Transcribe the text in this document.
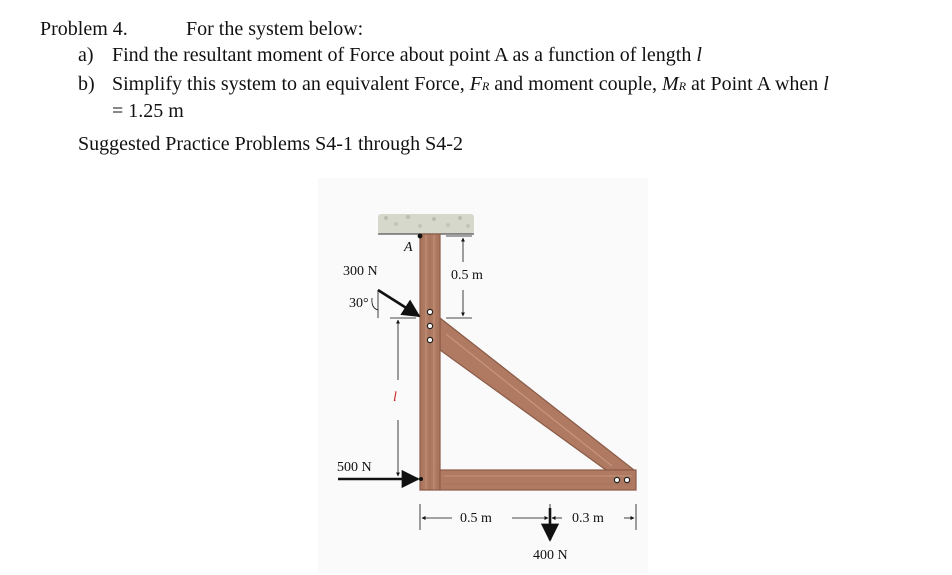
Problem 4.	For the system below:
a) Find the resultant moment of Force about point A as a function of length l
b) Simplify this system to an equivalent Force, FR and moment couple, MR at Point A when l
= 1.25 m
Suggested Practice Problems S4-1 through S4-2
A
300 N
30°
0.5 m
l
500 N
0.5 m	0.3 m
400 N
